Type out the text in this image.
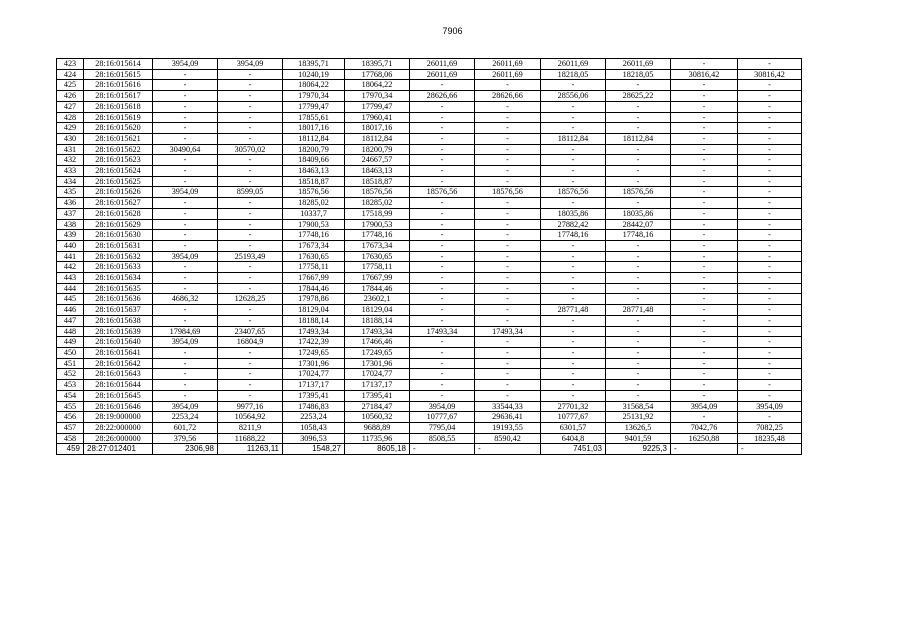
7906
423	28:16:015614	3954,09	3954,09	18395,71	18395,71	26011,69	26011,69	26011,69	26011,69	-	-
424	28:16:015615	-	-	10240,19	17768,06	26011,69	26011,69	18218,05	18218,05	30816,42	30816,42
425	28:16:015616	-	-	18064,22	18064,22	-	-	-	-	-	-
426	28:16:015617	-	-	17970,34	17970,34	28626,66	28626,66	28556,06	28625,22	-	-
427	28:16:015618	-	-	17799,47	17799,47	-	-	-	-	-	-
428	28:16:015619	-	-	17855,61	17960,41	-	-	-	-	-	-
429	28:16:015620	-	-	18017,16	18017,16	-	-	-	-	-	-
430	28:16:015621	-	-	18112,84	18112,84	-	-	18112,84	18112,84	-	-
431	28:16:015622	30490,64	30570,02	18200,79	18200,79	-	-	-	-	-	-
432	28:16:015623	-	-	18409,66	24667,57	-	-	-	-	-	-
433	28:16:015624	-	-	18463,13	18463,13	-	-	-	-	-	-
434	28:16:015625	-	-	18518,87	18518,87	-	-	-	-	-	-
435	28:16:015626	3954,09	8599,05	18576,56	18576,56	18576,56	18576,56	18576,56	18576,56	-	-
436	28:16:015627	-	-	18285,02	18285,02	-	-	-	-	-	-
437	28:16:015628	-	-	10337,7	17518,99	-	-	18035,86	18035,86	-	-
438	28:16:015629	-	-	17900,53	17900,53	-	-	27882,42	28442,07	-	-
439	28:16:015630	-	-	17748,16	17748,16	-	-	17748,16	17748,16	-	-
440	28:16:015631	-	-	17673,34	17673,34	-	-	-	-	-	-
441	28:16:015632	3954,09	25193,49	17630,65	17630,65	-	-	-	-	-	-
442	28:16:015633	-	-	17758,11	17758,11	-	-	-	-	-	-
443	28:16:015634	-	-	17667,99	17667,99	-	-	-	-	-	-
444	28:16:015635	-	-	17844,46	17844,46	-	-	-	-	-	-
445	28:16:015636	4686,32	12628,25	17978,86	23602,1	-	-	-	-	-	-
446	28:16:015637	-	-	18129,04	18129,04	-	-	28771,48	28771,48	-	-
447	28:16:015638	-	-	18188,14	18188,14	-	-	-	-	-	-
448	28:16:015639	17984,69	23407,65	17493,34	17493,34	17493,34	17493,34	-	-	-	-
449	28:16:015640	3954,09	16804,9	17422,39	17466,46	-	-	-	-	-	-
450	28:16:015641	-	-	17249,65	17249,65	-	-	-	-	-	-
451	28:16:015642	-	-	17301,96	17301,96	-	-	-	-	-	-
452	28:16:015643	-	-	17024,77	17024,77	-	-	-	-	-	-
453	28:16:015644	-	-	17137,17	17137,17	-	-	-	-	-	-
454	28:16:015645	-	-	17395,41	17395,41	-	-	-	-	-	-
455	28:16:015646	3954,09	9977,16	17486,83	27184,47	3954,09	33544,33	27701,32	31568,54	3954,09	3954,09
456	28:19:000000	2253,24	10564,92	2253,24	10560,32	10777,67	29636,41	10777,67	25131,92	-	-
457	28:22:000000	601,72	8211,9	1058,43	9688,89	7795,04	19193,55	6301,57	13626,5	7042,76	7082,25
458	28:26:000000	379,56	11688,22	3096,53	11735,96	8508,55	8590,42	6404,8	9401,59	16250,88	18235,48
459	28:27:012401	2306,98	11263,11	1548,27	8605,18	-	-	7451,03	9225,3	-	-
